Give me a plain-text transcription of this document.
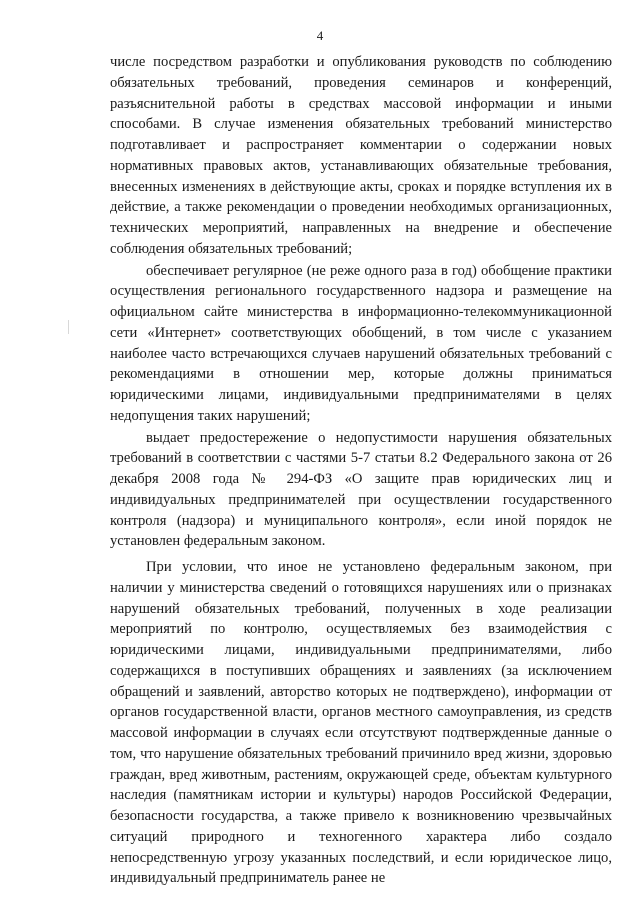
4

числе посредством разработки и опубликования руководств по соблюдению обязательных требований, проведения семинаров и конференций, разъяснительной работы в средствах массовой информации и иными способами. В случае изменения обязательных требований министерство подготавливает и распространяет комментарии о содержании новых нормативных правовых актов, устанавливающих обязательные требования, внесенных изменениях в действующие акты, сроках и порядке вступления их в действие, а также рекомендации о проведении необходимых организационных, технических мероприятий, направленных на внедрение и обеспечение соблюдения обязательных требований;

обеспечивает регулярное (не реже одного раза в год) обобщение практики осуществления регионального государственного надзора и размещение на официальном сайте министерства в информационно-телекоммуникационной сети «Интернет» соответствующих обобщений, в том числе с указанием наиболее часто встречающихся случаев нарушений обязательных требований с рекомендациями в отношении мер, которые должны приниматься юридическими лицами, индивидуальными предпринимателями в целях недопущения таких нарушений;

выдает предостережение о недопустимости нарушения обязательных требований в соответствии с частями 5-7 статьи 8.2 Федерального закона от 26 декабря 2008 года № 294-ФЗ «О защите прав юридических лиц и индивидуальных предпринимателей при осуществлении государственного контроля (надзора) и муниципального контроля», если иной порядок не установлен федеральным законом.

При условии, что иное не установлено федеральным законом, при наличии у министерства сведений о готовящихся нарушениях или о признаках нарушений обязательных требований, полученных в ходе реализации мероприятий по контролю, осуществляемых без взаимодействия с юридическими лицами, индивидуальными предпринимателями, либо содержащихся в поступивших обращениях и заявлениях (за исключением обращений и заявлений, авторство которых не подтверждено), информации от органов государственной власти, органов местного самоуправления, из средств массовой информации в случаях если отсутствуют подтвержденные данные о том, что нарушение обязательных требований причинило вред жизни, здоровью граждан, вред животным, растениям, окружающей среде, объектам культурного наследия (памятникам истории и культуры) народов Российской Федерации, безопасности государства, а также привело к возникновению чрезвычайных ситуаций природного и техногенного характера либо создало непосредственную угрозу указанных последствий, и если юридическое лицо, индивидуальный предприниматель ранее не
